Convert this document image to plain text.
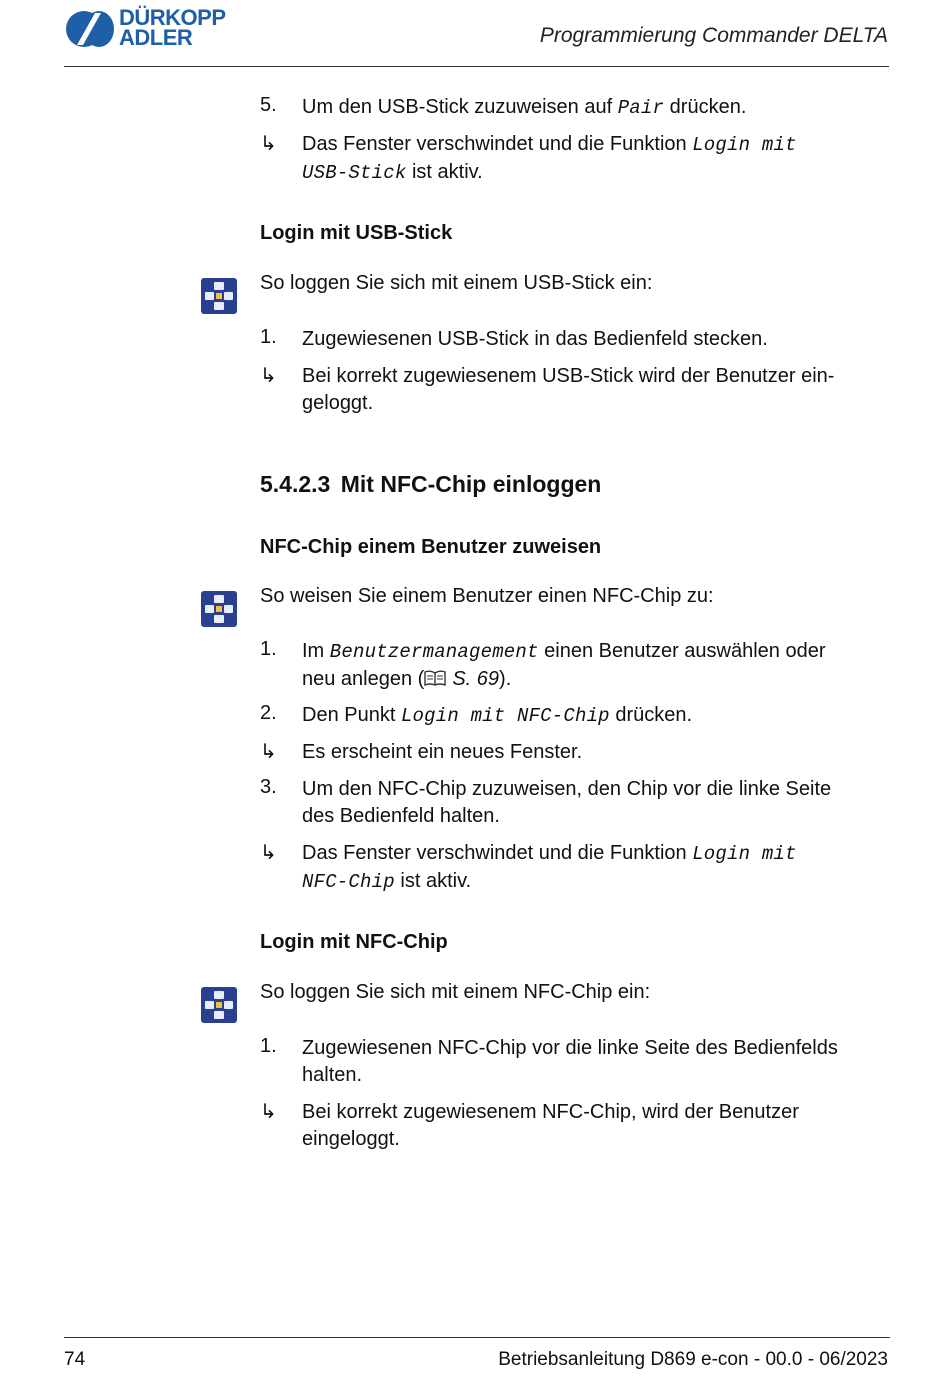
DÜRKOPP
ADLER	Programmierung Commander DELTA
5. Um den USB-Stick zuzuweisen auf Pair drücken.
↳ Das Fenster verschwindet und die Funktion Login mit
USB-Stick ist aktiv.
Login mit USB-Stick
So loggen Sie sich mit einem USB-Stick ein:
1. Zugewiesenen USB-Stick in das Bedienfeld stecken.
↳ Bei korrekt zugewiesenem USB-Stick wird der Benutzer ein-
geloggt.
5.4.2.3 Mit NFC-Chip einloggen
NFC-Chip einem Benutzer zuweisen
So weisen Sie einem Benutzer einen NFC-Chip zu:
1. Im Benutzermanagement einen Benutzer auswählen oder
neu anlegen ( S. 69).
2. Den Punkt Login mit NFC-Chip drücken.
↳ Es erscheint ein neues Fenster.
3. Um den NFC-Chip zuzuweisen, den Chip vor die linke Seite
des Bedienfeld halten.
↳ Das Fenster verschwindet und die Funktion Login mit
NFC-Chip ist aktiv.
Login mit NFC-Chip
So loggen Sie sich mit einem NFC-Chip ein:
1. Zugewiesenen NFC-Chip vor die linke Seite des Bedienfelds
halten.
↳ Bei korrekt zugewiesenem NFC-Chip, wird der Benutzer
eingeloggt.
74	Betriebsanleitung D869 e-con - 00.0 - 06/2023
